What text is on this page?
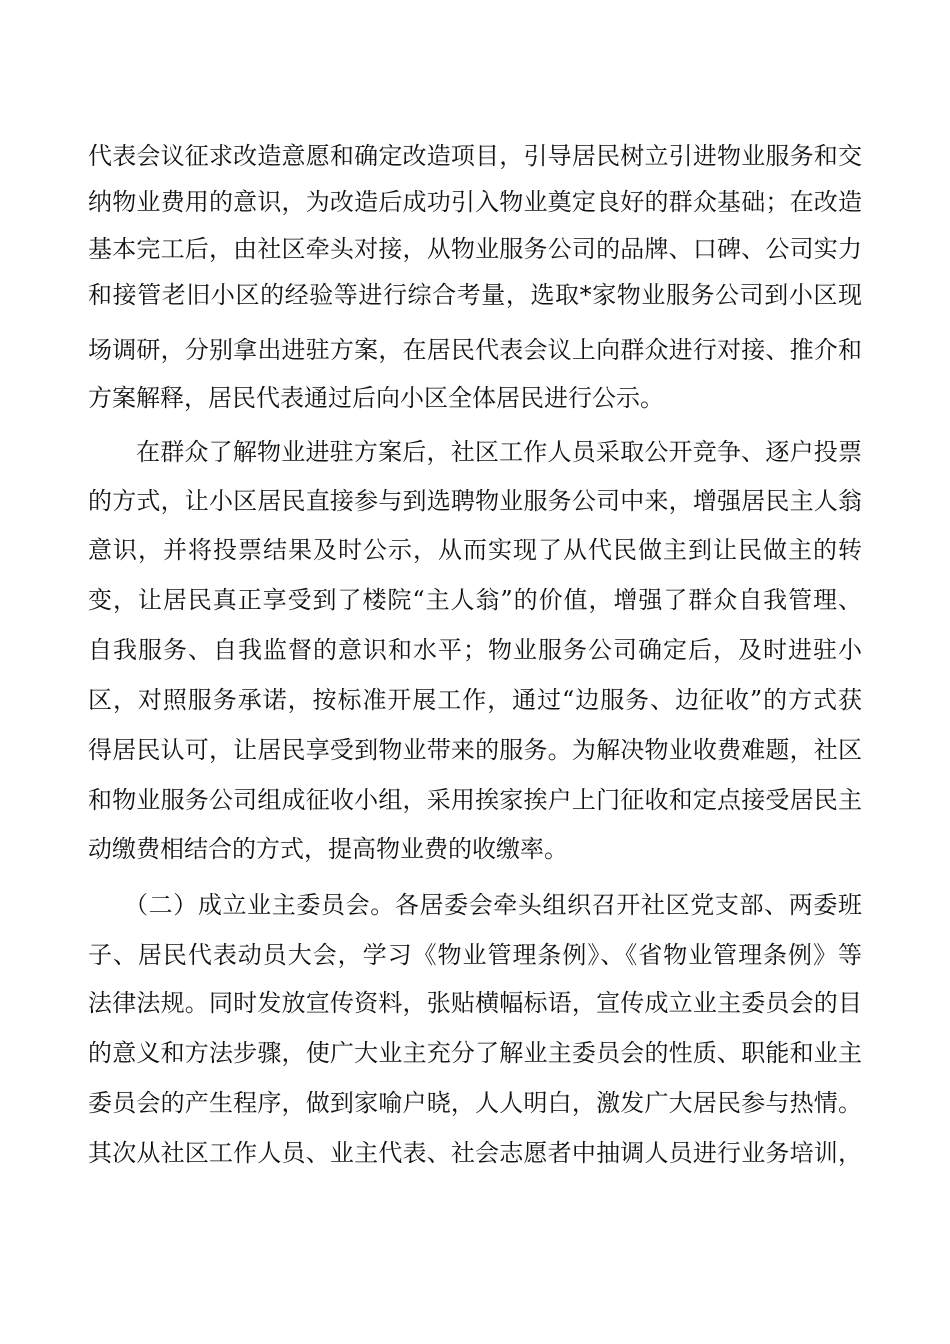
代表会议征求改造意愿和确定改造项目，引导居民树立引进物业服务和交
纳物业费用的意识，为改造后成功引入物业奠定良好的群众基础；在改造
基本完工后，由社区牵头对接，从物业服务公司的品牌、口碑、公司实力
和接管老旧小区的经验等进行综合考量，选取*家物业服务公司到小区现
场调研，分别拿出进驻方案，在居民代表会议上向群众进行对接、推介和
方案解释，居民代表通过后向小区全体居民进行公示。
在群众了解物业进驻方案后，社区工作人员采取公开竞争、逐户投票
的方式，让小区居民直接参与到选聘物业服务公司中来，增强居民主人翁
意识，并将投票结果及时公示，从而实现了从代民做主到让民做主的转
变，让居民真正享受到了楼院“主人翁”的价值，增强了群众自我管理、
自我服务、自我监督的意识和水平；物业服务公司确定后，及时进驻小
区，对照服务承诺，按标准开展工作，通过“边服务、边征收”的方式获
得居民认可，让居民享受到物业带来的服务。为解决物业收费难题，社区
和物业服务公司组成征收小组，采用挨家挨户上门征收和定点接受居民主
动缴费相结合的方式，提高物业费的收缴率。
（二）成立业主委员会。各居委会牵头组织召开社区党支部、两委班
子、居民代表动员大会，学习《物业管理条例》、《省物业管理条例》等
法律法规。同时发放宣传资料，张贴横幅标语，宣传成立业主委员会的目
的意义和方法步骤，使广大业主充分了解业主委员会的性质、职能和业主
委员会的产生程序，做到家喻户晓，人人明白，激发广大居民参与热情。
其次从社区工作人员、业主代表、社会志愿者中抽调人员进行业务培训，
